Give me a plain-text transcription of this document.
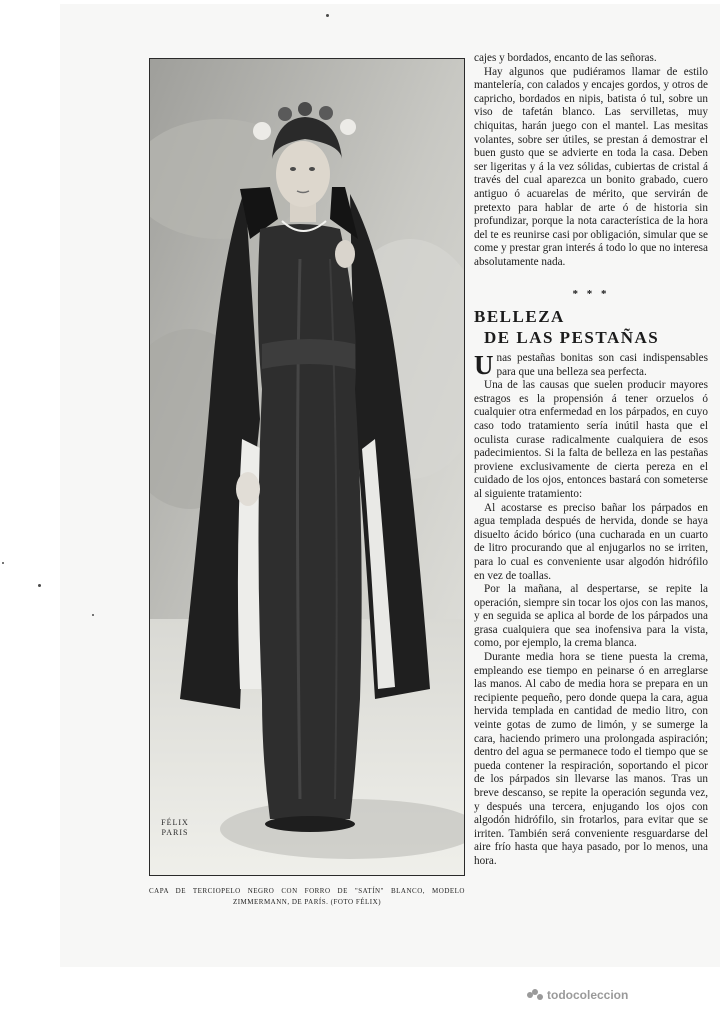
FÉLIX
PARIS
CAPA DE TERCIOPELO NEGRO CON FORRO DE "SATÍN" BLANCO, MODELO ZIMMERMANN, DE PARÍS. (FOTO FÉLIX)

cajes y bordados, encanto de las señoras.

Hay algunos que pudiéramos llamar de estilo mantelería, con calados y encajes gordos, y otros de capricho, bordados en nipis, batista ó tul, sobre un viso de tafetán blanco. Las servilletas, muy chiquitas, harán juego con el mantel. Las mesitas volantes, sobre ser útiles, se prestan á demostrar el buen gusto que se advierte en toda la casa. Deben ser ligeritas y á la vez sólidas, cubiertas de cristal á través del cual aparezca un bonito grabado, cuero antiguo ó acuarelas de mérito, que servirán de pretexto para hablar de arte ó de historia sin profundizar, porque la nota característica de la hora del te es reunirse casi por obligación, simular que se come y prestar gran interés á todo lo que no interesa absolutamente nada.

* * *
BELLEZA
DE LAS PESTAÑAS

Unas pestañas bonitas son casi indispensables para que una belleza sea perfecta.

Una de las causas que suelen producir mayores estragos es la propensión á tener orzuelos ó cualquier otra enfermedad en los párpados, en cuyo caso todo tratamiento sería inútil hasta que el oculista curase radicalmente cualquiera de esos padecimientos. Si la falta de belleza en las pestañas proviene exclusivamente de cierta pereza en el cuidado de los ojos, entonces bastará con someterse al siguiente tratamiento:

Al acostarse es preciso bañar los párpados en agua templada después de hervida, donde se haya disuelto ácido bórico (una cucharada en un cuarto de litro procurando que al enjugarlos no se irriten, para lo cual es conveniente usar algodón hidrófilo en vez de toallas.

Por la mañana, al despertarse, se repite la operación, siempre sin tocar los ojos con las manos, y en seguida se aplica al borde de los párpados una grasa cualquiera que sea inofensiva para la vista, como, por ejemplo, la crema blanca.

Durante media hora se tiene puesta la crema, empleando ese tiempo en peinarse ó en arreglarse las manos. Al cabo de media hora se prepara en un recipiente pequeño, pero donde quepa la cara, agua hervida templada en cantidad de medio litro, con veinte gotas de zumo de limón, y se sumerge la cara, haciendo primero una prolongada aspiración; dentro del agua se permanece todo el tiempo que se pueda contener la respiración, soportando el picor de los párpados sin llevarse las manos. Tras un breve descanso, se repite la operación segunda vez, y después una tercera, enjugando los ojos con algodón hidrófilo, sin frotarlos, para evitar que se irriten. También será conveniente resguardarse del aire frío hasta que haya pasado, por lo menos, una hora.

todocoleccion
